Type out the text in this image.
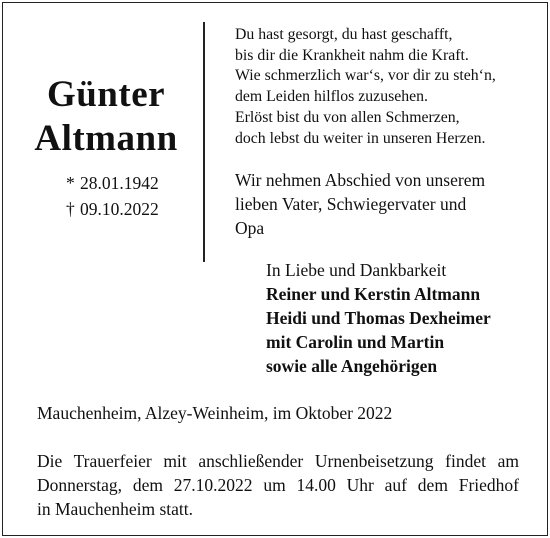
Günter
Altmann
* 28.01.1942
† 09.10.2022
Du hast gesorgt, du hast geschafft,
bis dir die Krankheit nahm die Kraft.
Wie schmerzlich war‘s, vor dir zu steh‘n,
dem Leiden hilflos zuzusehen.
Erlöst bist du von allen Schmerzen,
doch lebst du weiter in unseren Herzen.
Wir nehmen Abschied von unserem
lieben Vater, Schwiegervater und
Opa
In Liebe und Dankbarkeit
Reiner und Kerstin Altmann
Heidi und Thomas Dexheimer
mit Carolin und Martin
sowie alle Angehörigen
Mauchenheim, Alzey-Weinheim, im Oktober 2022
Die Trauerfeier mit anschließender Urnenbeisetzung findet am
Donnerstag, dem 27.10.2022 um 14.00 Uhr auf dem Friedhof
in Mauchenheim statt.
